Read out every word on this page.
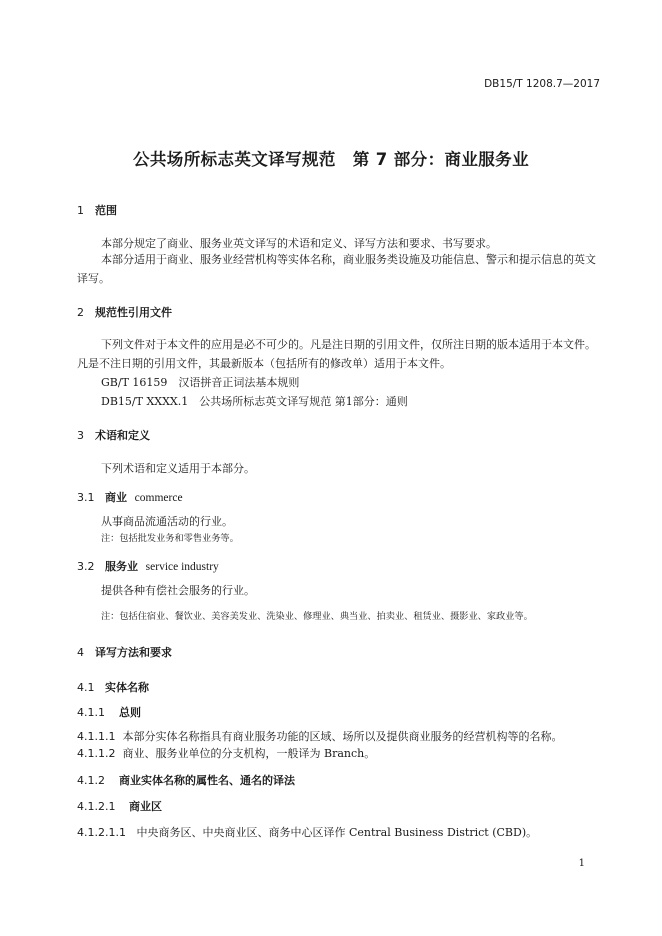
DB15/T 1208.7—2017
公共场所标志英文译写规范　第 7 部分：商业服务业
1 范围
本部分规定了商业、服务业英文译写的术语和定义、译写方法和要求、书写要求。
本部分适用于商业、服务业经营机构等实体名称，商业服务类设施及功能信息、警示和提示信息的英文译写。
2 规范性引用文件
下列文件对于本文件的应用是必不可少的。凡是注日期的引用文件，仅所注日期的版本适用于本文件。凡是不注日期的引用文件，其最新版本（包括所有的修改单）适用于本文件。
GB/T 16159　汉语拼音正词法基本规则
DB15/T XXXX.1　公共场所标志英文译写规范 第1部分：通则
3 术语和定义
下列术语和定义适用于本部分。
3.1 商业 commerce
从事商品流通活动的行业。
注：包括批发业务和零售业务等。
3.2 服务业 service industry
提供各种有偿社会服务的行业。
注：包括住宿业、餐饮业、美容美发业、洗染业、修理业、典当业、拍卖业、租赁业、摄影业、家政业等。
4 译写方法和要求
4.1 实体名称
4.1.1 总则
4.1.1.1 本部分实体名称指具有商业服务功能的区域、场所以及提供商业服务的经营机构等的名称。
4.1.1.2 商业、服务业单位的分支机构，一般译为 Branch。
4.1.2 商业实体名称的属性名、通名的译法
4.1.2.1 商业区
4.1.2.1.1 中央商务区、中央商业区、商务中心区译作 Central Business District (CBD)。
1
